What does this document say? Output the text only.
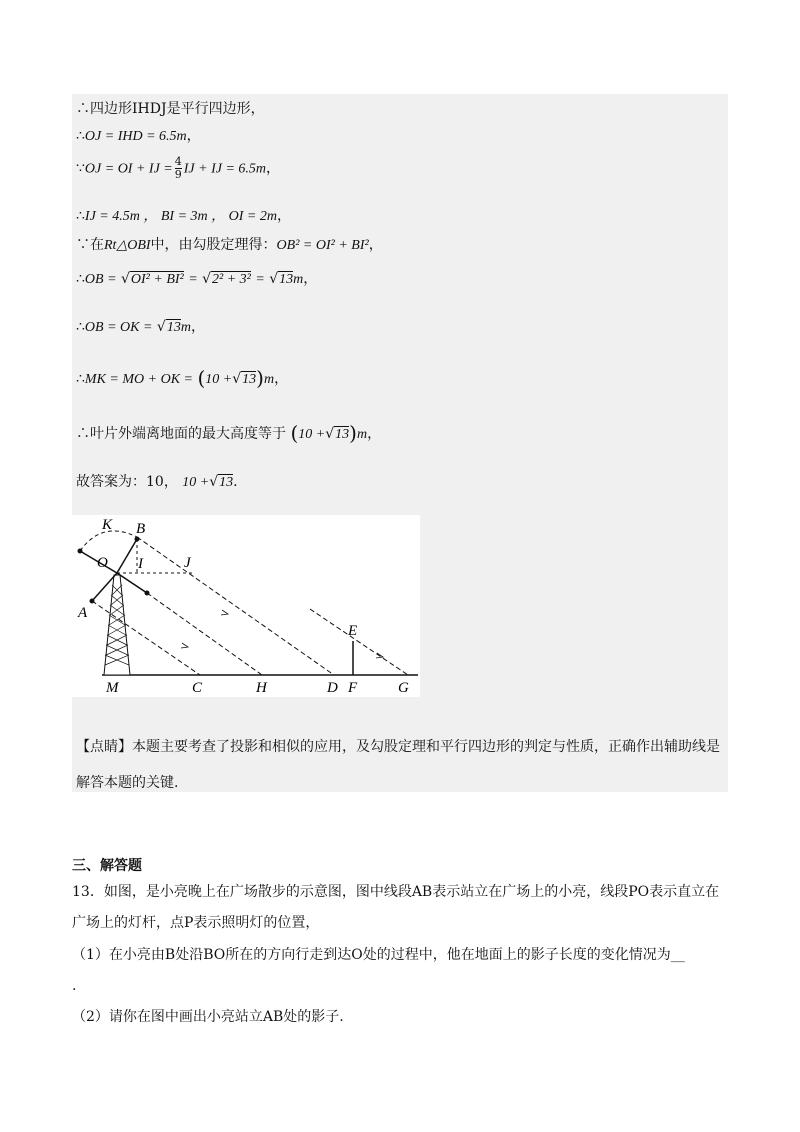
∴四边形IHDJ是平行四边形，
∴OJ = IHD = 6.5m，
∵OJ = OI + IJ = $\frac{4}{9}$ IJ + IJ = 6.5m，
∴IJ = 4.5m ， BI = 3m ， OI = 2m，
∵在Rt△OBI中，由勾股定理得：OB² = OI² + BI²，
∴OB = √OI² + BI² = √2² + 3² = √13m，
∴OB = OK = √13m，
∴MK = MO + OK = (10 +√13)m，
∴叶片外端离地面的最大高度等于 (10 +√13)m，
故答案为：10， 10 +√13.
K B
O	J
I
A
E
M	C	H	D F	G
【点睛】本题主要考查了投影和相似的应用，及勾股定理和平行四边形的判定与性质，正确作出辅助线是
解答本题的关键.
三、解答题
13．如图，是小亮晚上在广场散步的示意图，图中线段AB表示站立在广场上的小亮，线段PO表示直立在
广场上的灯杆，点P表示照明灯的位置，
（1）在小亮由B处沿BO所在的方向行走到达O处的过程中，他在地面上的影子长度的变化情况为__
.
（2）请你在图中画出小亮站立AB处的影子.
